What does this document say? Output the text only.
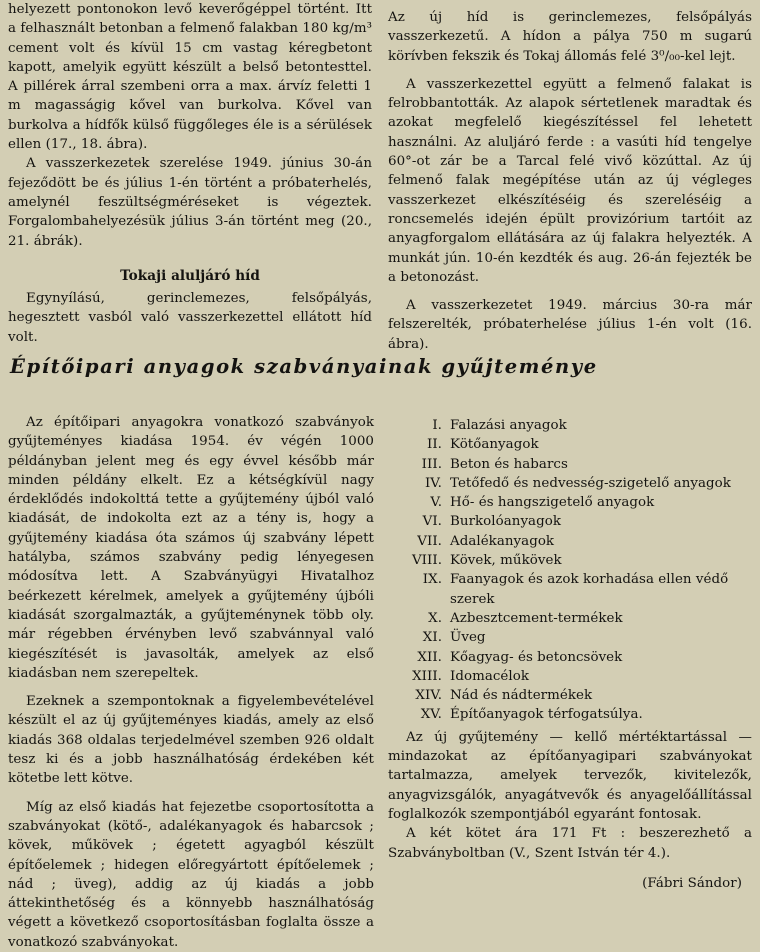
helyezett pontonokon levő keverőgéppel történt. Itt a felhasznált betonban a felmenő falakban 180 kg/m³ cement volt és kívül 15 cm vastag kéregbetont kapott, amelyik együtt készült a belső betontesttel. A pillérek árral szembeni orra a max. árvíz feletti 1 m magasságig kővel van burkolva. Kővel van burkolva a hídfők külső függőleges éle is a sérülések ellen (17., 18. ábra).

A vasszerkezetek szerelése 1949. június 30-án fejeződött be és július 1-én történt a próbaterhelés, amelynél feszültségméréseket is végeztek. Forgalombahelyezésük július 3-án történt meg (20., 21. ábrák).

Tokaji aluljáró híd

Egynyílású, gerinclemezes, felsőpályás, hegesztett vasból való vasszerkezettel ellátott híd volt.

Az új híd is gerinclemezes, felsőpályás vasszerkezetű. A hídon a pálya 750 m sugarú körívben fekszik és Tokaj állomás felé 3⁰/₀₀-kel lejt.

A vasszerkezettel együtt a felmenő falakat is felrobbantották. Az alapok sértetlenek maradtak és azokat megfelelő kiegészítéssel fel lehetett használni. Az aluljáró ferde : a vasúti híd tengelye 60°-ot zár be a Tarcal felé vivő közúttal. Az új felmenő falak megépítése után az új végleges vasszerkezet elkészítéséig és szereléséig a roncsemelés idején épült provizórium tartóit az anyagforgalom ellátására az új falakra helyezték. A munkát jún. 10-én kezdték és aug. 26-án fejezték be a betonozást.

A vasszerkezetet 1949. március 30-ra már felszerelték, próbaterhelése július 1-én volt (16. ábra).

Építőipari anyagok szabványainak gyűjteménye

Az építőipari anyagokra vonatkozó szabványok gyűjteményes kiadása 1954. év végén 1000 példányban jelent meg és egy évvel később már minden példány elkelt. Ez a kétségkívül nagy érdeklődés indokolttá tette a gyűjtemény újból való kiadását, de indokolta ezt az a tény is, hogy a gyűjtemény kiadása óta számos új szabvány lépett hatályba, számos szabvány pedig lényegesen módosítva lett. A Szabványügyi Hivatalhoz beérkezett kérelmek, amelyek a gyűjtemény újbóli kiadását szorgalmazták, a gyűjteménynek több oly. már régebben érvényben levő szabvánnyal való kiegészítését is javasolták, amelyek az első kiadásban nem szerepeltek.

Ezeknek a szempontoknak a figyelembevételével készült el az új gyűjteményes kiadás, amely az első kiadás 368 oldalas terjedelmével szemben 926 oldalt tesz ki és a jobb használhatóság érdekében két kötetbe lett kötve.

Míg az első kiadás hat fejezetbe csoportosította a szabványokat (kötő-, adalékanyagok és habarcsok ; kövek, műkövek ; égetett agyagból készült építőelemek ; hidegen előregyártott építőelemek ; nád ; üveg), addig az új kiadás a jobb áttekinthetőség és a könnyebb használhatóság végett a következő csoportosításban foglalta össze a vonatkozó szabványokat.

I. Falazási anyagok
II. Kötőanyagok
III. Beton és habarcs
IV. Tetőfedő és nedvesség-szigetelő anyagok
V. Hő- és hangszigetelő anyagok
VI. Burkolóanyagok
VII. Adalékanyagok
VIII. Kövek, műkövek
IX. Faanyagok és azok korhadása ellen védő szerek
X. Azbesztcement-termékek
XI. Üveg
XII. Kőagyag- és betoncsövek
XIII. Idomacélok
XIV. Nád és nádtermékek
XV. Építőanyagok térfogatsúlya.

Az új gyűjtemény — kellő mértéktartással — mindazokat az építőanyagipari szabványokat tartalmazza, amelyek tervezők, kivitelezők, anyagvizsgálók, anyagátvevők és anyagelőállítással foglalkozók szempontjából egyaránt fontosak.

A két kötet ára 171 Ft : beszerezhető a Szabványboltban (V., Szent István tér 4.).

(Fábri Sándor)
